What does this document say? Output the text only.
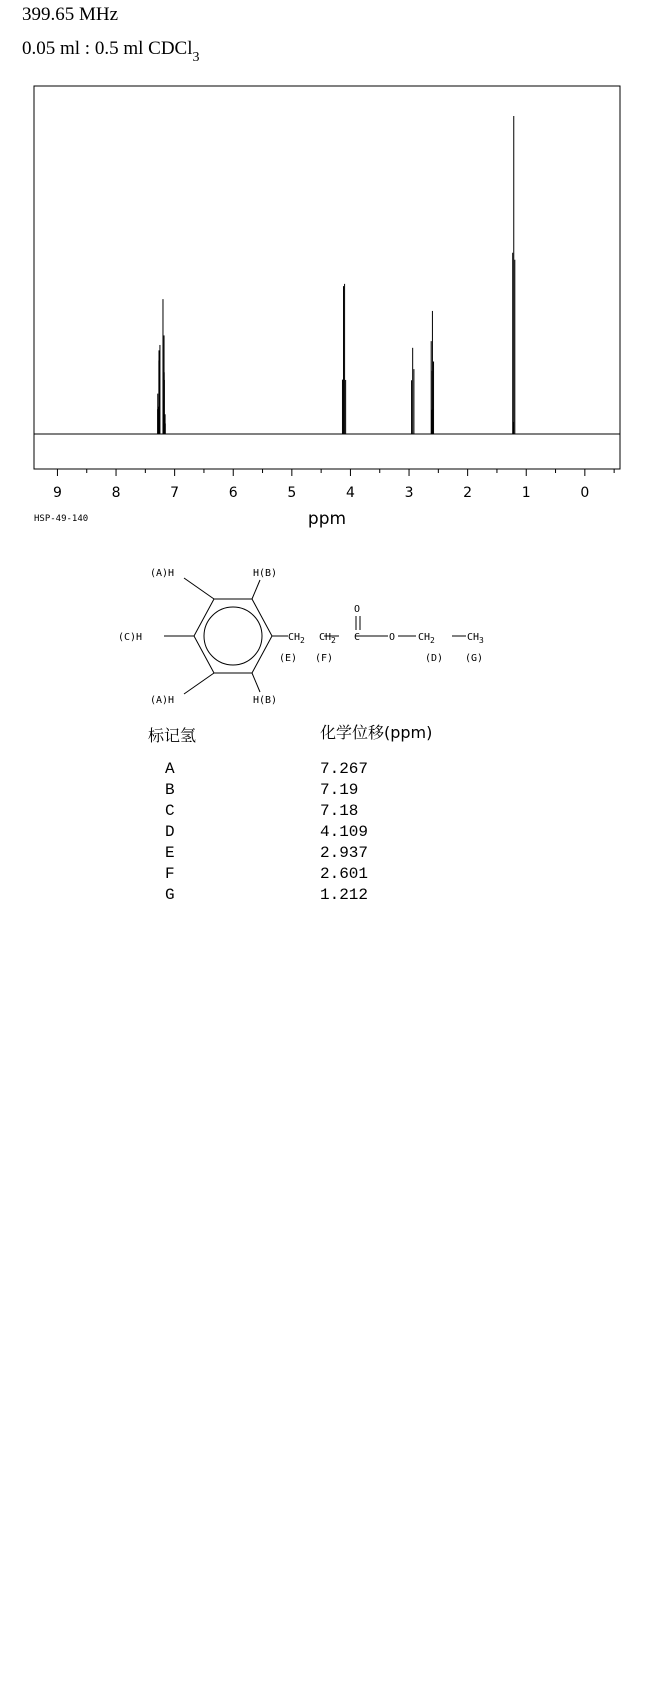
399.65 MHz
0.05 ml : 0.5 ml CDCl$_3$
9	8	7	6	5	4	3	2	1	0
ppm
HSP-49-140
(A)H	H(B)
(C)H
(A)H	H(B)
$CH_2$ $CH_2$
O
C	O $CH_2$	$CH_3$
(E) (F)	(D) (G)
标记氢	化学位移(ppm)
A	7.267
B	7.19
C	7.18
D	4.109
E	2.937
F	2.601
G	1.212
